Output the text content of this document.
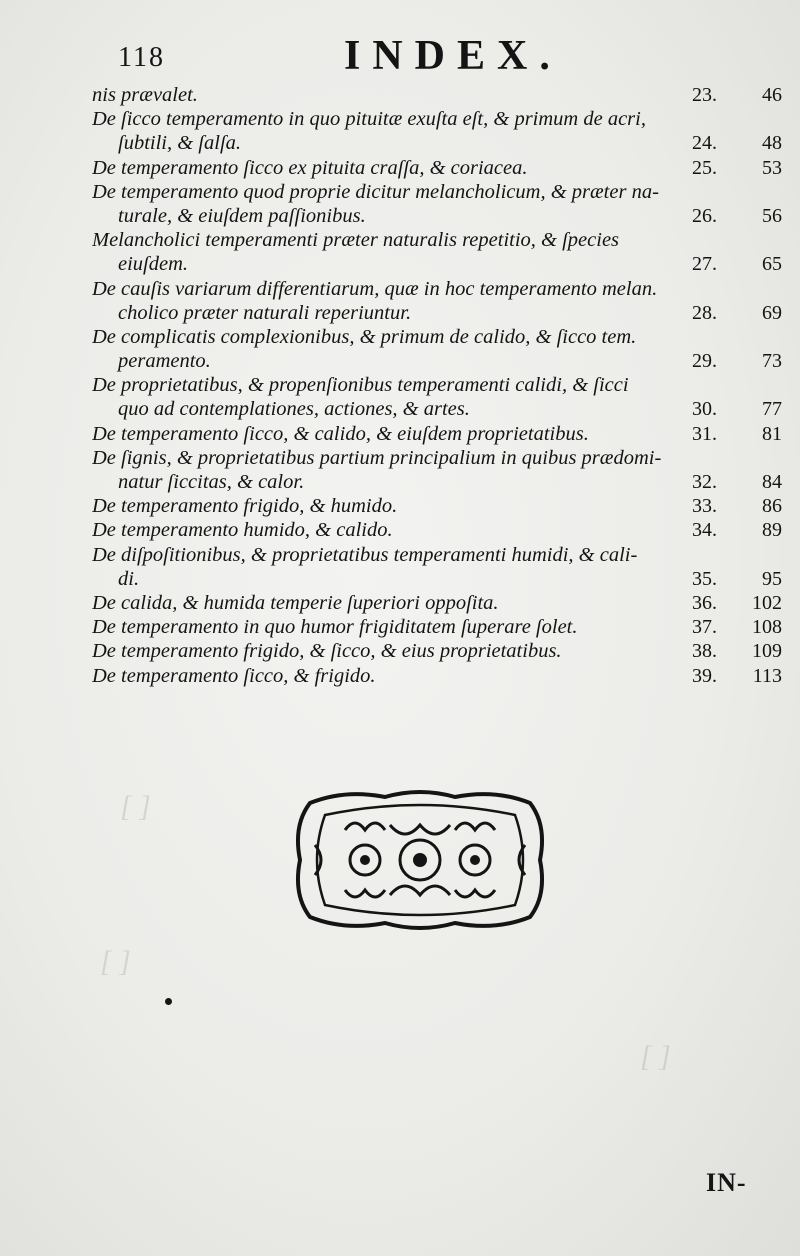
[ ]
[ ]
[ ]
118	INDEX.
nis prævalet.	23. 46
De ſicco temperamento in quo pituitæ exuſta eſt, & primum de acri,
ſubtili, & ſalſa.	24. 48
De temperamento ſicco ex pituita craſſa, & coriacea.	25. 53
De temperamento quod proprie dicitur melancholicum, & præter na-
turale, & eiuſdem paſſionibus.	26. 56
Melancholici temperamenti præter naturalis repetitio, & ſpecies
eiuſdem.	27. 65
De cauſis variarum differentiarum, quæ in hoc temperamento melan.
cholico præter naturali reperiuntur.	28. 69
De complicatis complexionibus, & primum de calido, & ſicco tem.
peramento.	29. 73
De proprietatibus, & propenſionibus temperamenti calidi, & ſicci
quo ad contemplationes, actiones, & artes.	30. 77
De temperamento ſicco, & calido, & eiuſdem proprietatibus.	31. 81
De ſignis, & proprietatibus partium principalium in quibus prædomi-
natur ſiccitas, & calor.	32. 84
De temperamento frigido, & humido.	33. 86
De temperamento humido, & calido.	34. 89
De diſpoſitionibus, & proprietatibus temperamenti humidi, & cali-
di.	35. 95
De calida, & humida temperie ſuperiori oppoſita.	36. 102
De temperamento in quo humor frigiditatem ſuperare ſolet.	37. 108
De temperamento frigido, & ſicco, & eius proprietatibus.	38. 109
De temperamento ſicco, & frigido.	39. 113
IN-
